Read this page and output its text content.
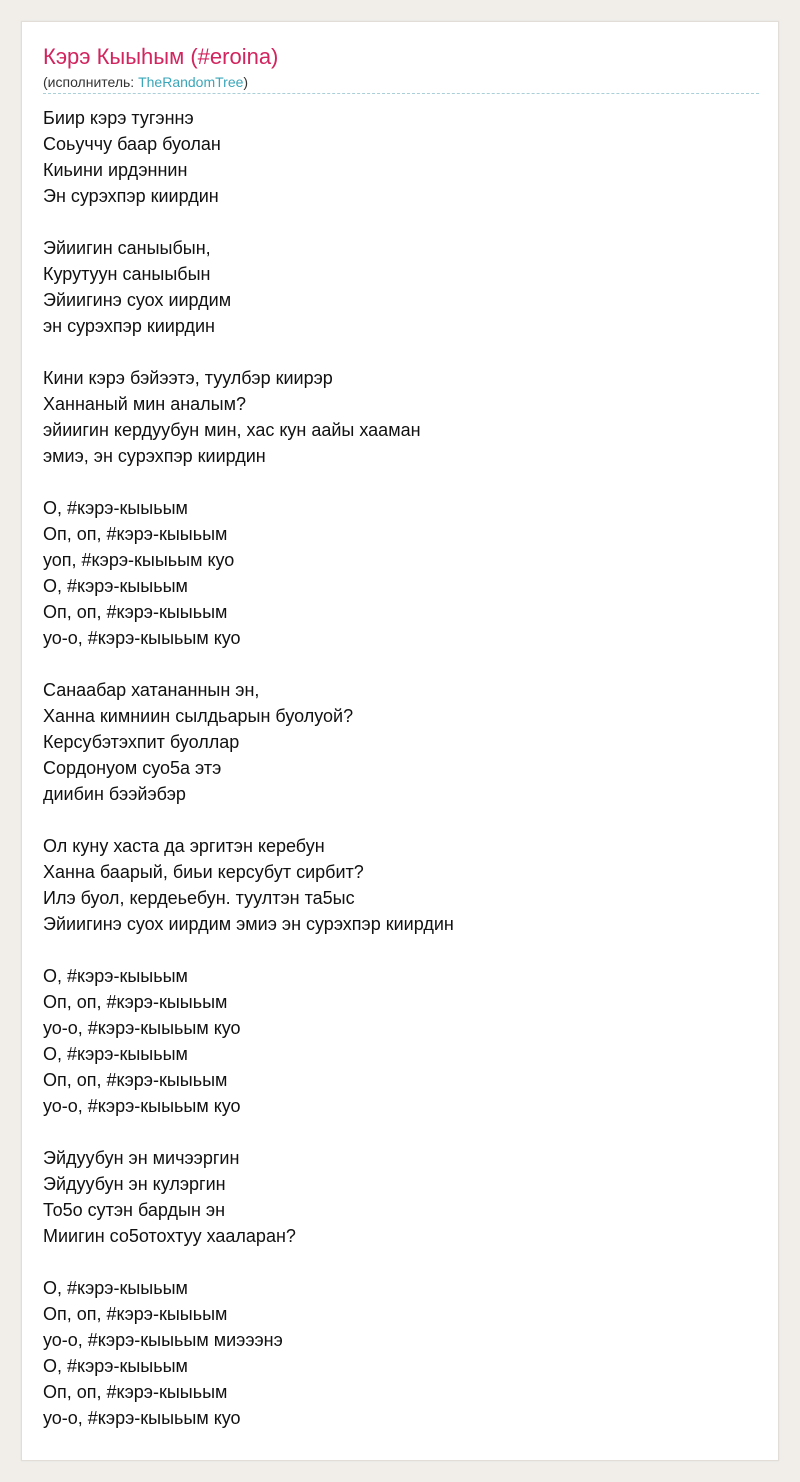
Кэрэ Кыыһым (#eroina)
(исполнитель: TheRandomTree)
Биир кэрэ тугэннэ
Соьуччу баар буолан
Киьини ирдэннин
Эн сурэхпэр киирдин
Эйиигин саныыбын,
Курутуун саныыбын
Эйиигинэ суох иирдим
эн сурэхпэр киирдин
Кини кэрэ бэйээтэ, туулбэр киирэр
Ханнаный мин аналым?
эйиигин кердуубун мин, хас кун аайы хааман
эмиэ, эн сурэхпэр киирдин
О, #кэрэ-кыыьым
Оп, оп, #кэрэ-кыыьым
уоп, #кэрэ-кыыьым куо
О, #кэрэ-кыыьым
Оп, оп, #кэрэ-кыыьым
уо-о, #кэрэ-кыыьым куо
Санаабар хатананнын эн,
Ханна кимниин сылдьарын буолуой?
Керсубэтэхпит буоллар
Сордонуом суо5а этэ
диибин бээйэбэр
Ол куну хаста да эргитэн керебун
Ханна баарый, биьи керсубут сирбит?
Илэ буол, кердеьебун. туултэн та5ыс
Эйиигинэ суох иирдим эмиэ эн сурэхпэр киирдин
О, #кэрэ-кыыьым
Оп, оп, #кэрэ-кыыьым
уо-о, #кэрэ-кыыьым куо
О, #кэрэ-кыыьым
Оп, оп, #кэрэ-кыыьым
уо-о, #кэрэ-кыыьым куо
Эйдуубун эн мичээргин
Эйдуубун эн кулэргин
То5о сутэн бардын эн
Миигин со5отохтуу хааларан?
О, #кэрэ-кыыьым
Оп, оп, #кэрэ-кыыьым
уо-о, #кэрэ-кыыьым миэээнэ
О, #кэрэ-кыыьым
Оп, оп, #кэрэ-кыыьым
уо-о, #кэрэ-кыыьым куо
